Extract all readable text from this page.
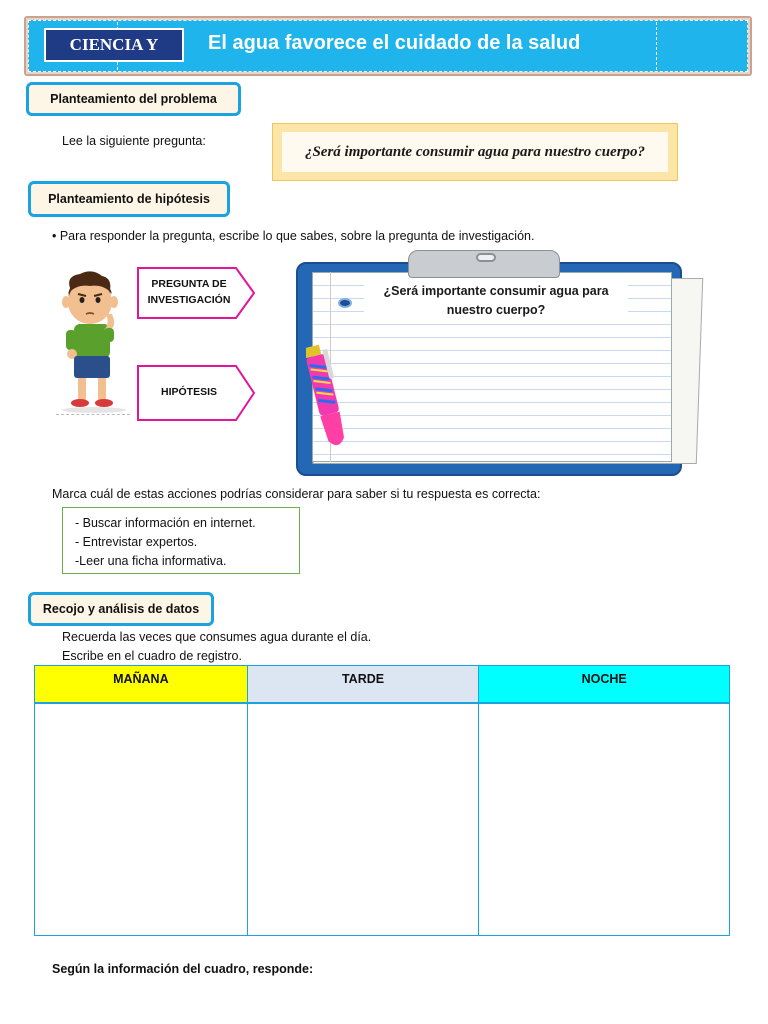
CIENCIA Y	El agua favorece el cuidado de la salud
Planteamiento del problema
Lee la siguiente pregunta:
¿Será importante consumir agua para nuestro cuerpo?
Planteamiento de hipótesis
• Para responder la pregunta, escribe lo que sabes, sobre la pregunta de investigación.
PREGUNTA DE
INVESTIGACIÓN
HIPÓTESIS
¿Será importante consumir agua para
nuestro cuerpo?
Marca cuál de estas acciones podrías considerar para saber si tu respuesta es correcta:
- Buscar información en internet.
- Entrevistar expertos.
-Leer una ficha informativa.
Recojo y análisis de datos
Recuerda las veces que consumes agua durante el día.
Escribe en el cuadro de registro.
MAÑANA	TARDE	NOCHE

Según la información del cuadro, responde:
